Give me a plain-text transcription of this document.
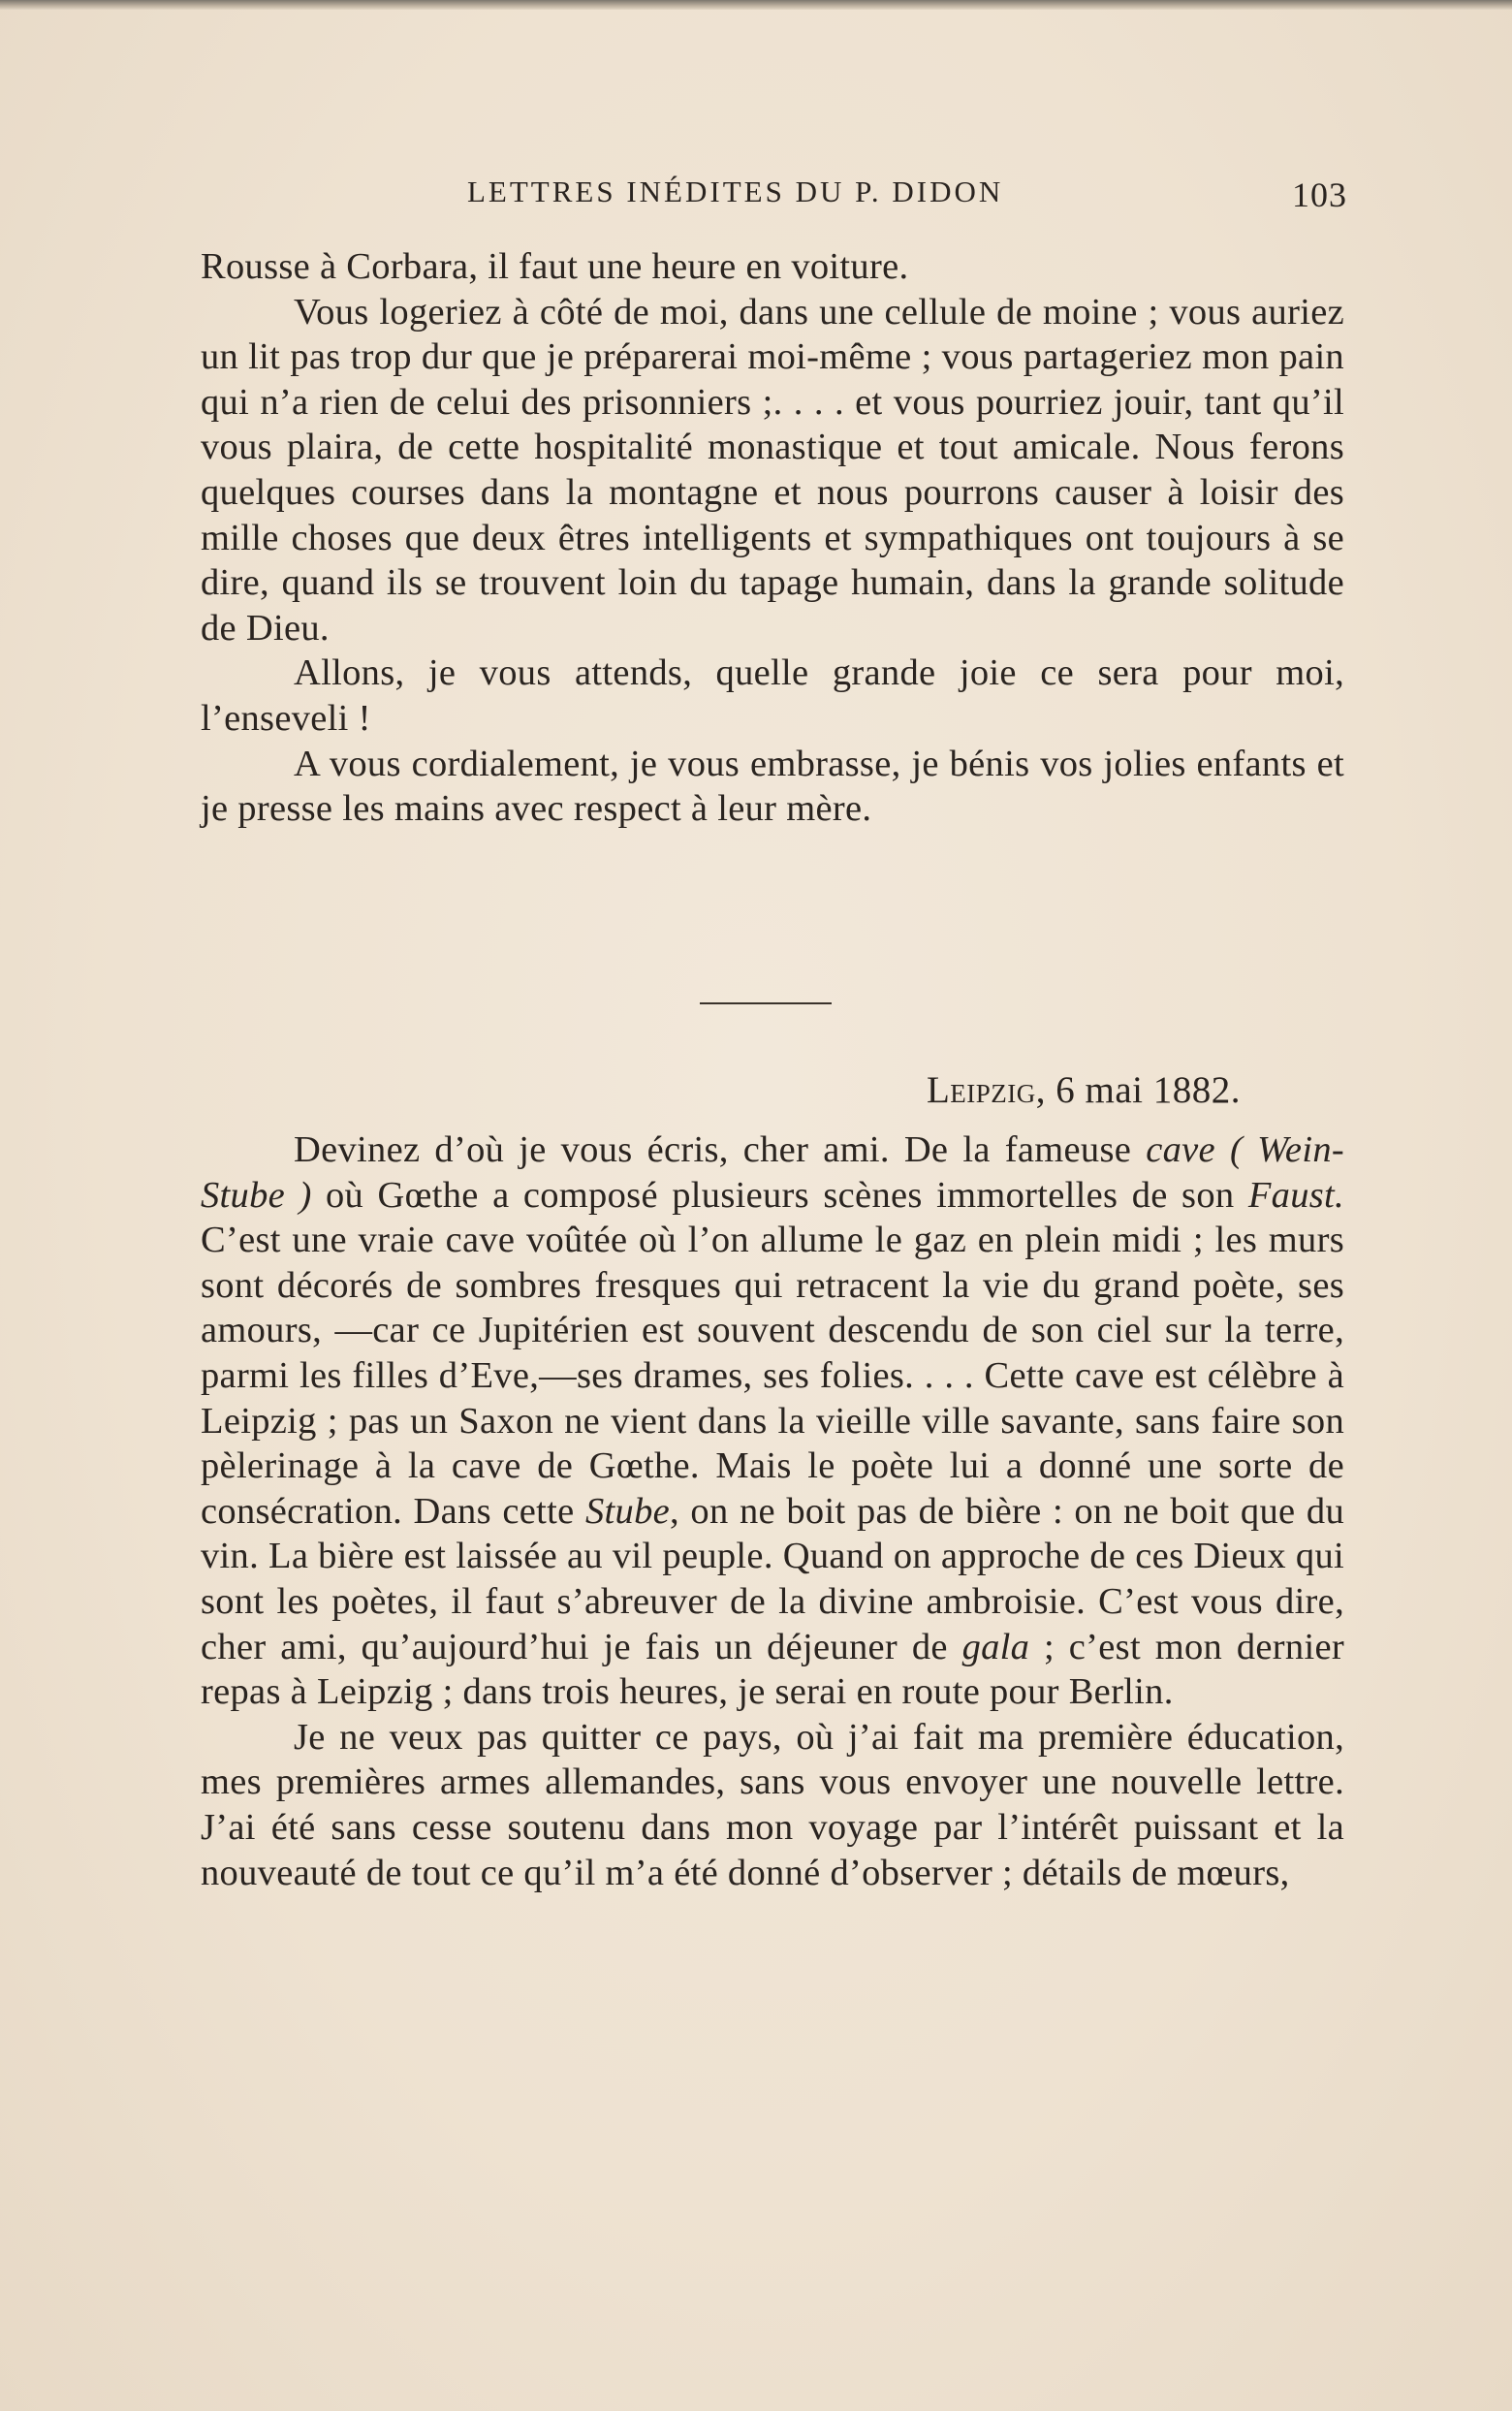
LETTRES INÉDITES DU P. DIDON	103

Rousse à Corbara, il faut une heure en voiture.

Vous logeriez à côté de moi, dans une cellule de moine ; vous auriez un lit pas trop dur que je préparerai moi-même ; vous partageriez mon pain qui n’a rien de celui des prisonniers ;. . . . et vous pourriez jouir, tant qu’il vous plaira, de cette hospitalité monastique et tout amicale. Nous ferons quelques courses dans la montagne et nous pourrons causer à loisir des mille choses que deux êtres intelligents et sympathiques ont toujours à se dire, quand ils se trouvent loin du tapage humain, dans la grande solitude de Dieu.

Allons, je vous attends, quelle grande joie ce sera pour moi, l’enseveli !

A vous cordialement, je vous embrasse, je bénis vos jolies enfants et je presse les mains avec respect à leur mère.

Leipzig, 6 mai 1882.

Devinez d’où je vous écris, cher ami. De la fameuse cave ( Wein-Stube ) où Gœthe a composé plusieurs scènes immortelles de son Faust. C’est une vraie cave voûtée où l’on allume le gaz en plein midi ; les murs sont décorés de sombres fresques qui retracent la vie du grand poète, ses amours, —car ce Jupitérien est souvent descendu de son ciel sur la terre, parmi les filles d’Eve,—ses drames, ses folies. . . . Cette cave est célèbre à Leipzig ; pas un Saxon ne vient dans la vieille ville savante, sans faire son pèlerinage à la cave de Gœthe. Mais le poète lui a donné une sorte de consécration. Dans cette Stube, on ne boit pas de bière : on ne boit que du vin. La bière est laissée au vil peuple. Quand on approche de ces Dieux qui sont les poètes, il faut s’abreuver de la divine ambroisie. C’est vous dire, cher ami, qu’aujourd’hui je fais un déjeuner de gala ; c’est mon dernier repas à Leipzig ; dans trois heures, je serai en route pour Berlin.

Je ne veux pas quitter ce pays, où j’ai fait ma première éducation, mes premières armes allemandes, sans vous envoyer une nouvelle lettre. J’ai été sans cesse soutenu dans mon voyage par l’intérêt puissant et la nouveauté de tout ce qu’il m’a été donné d’observer ; détails de mœurs,
